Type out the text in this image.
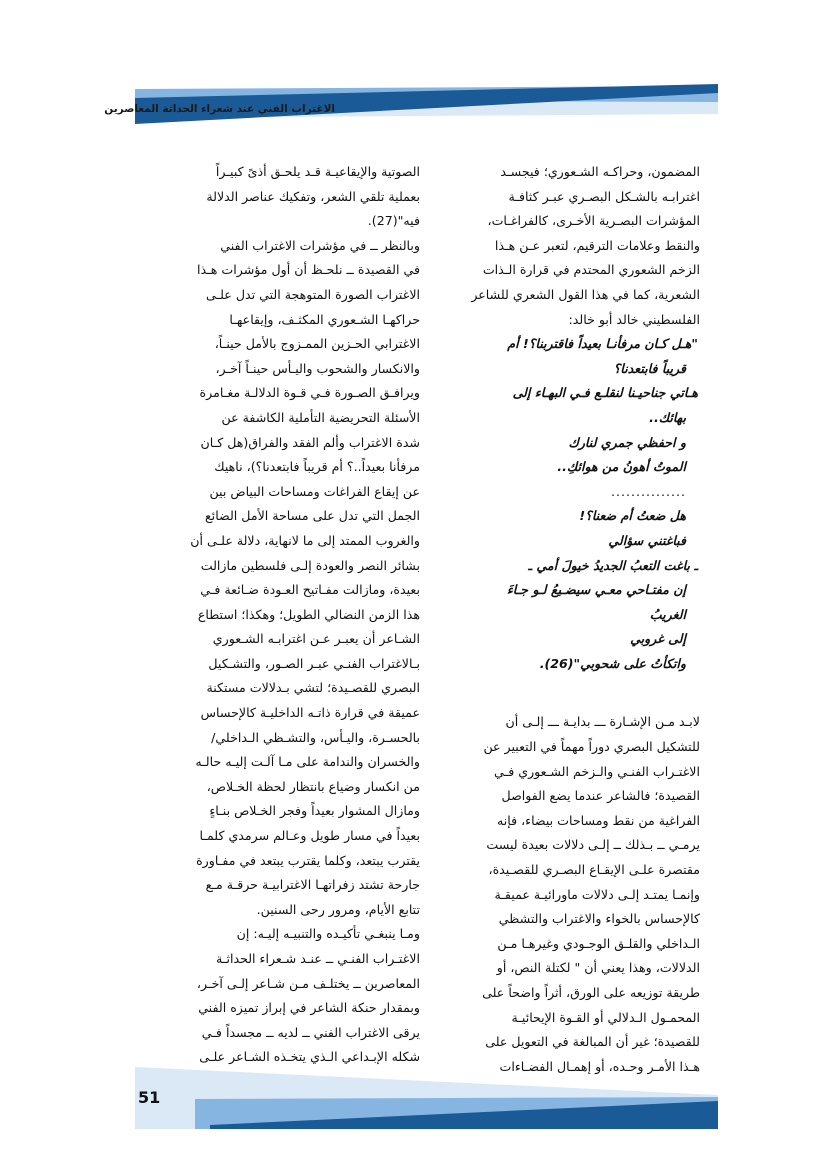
الاغتراب الفني عند شعراء الحداثة المعاصرين

المضمون، وحراكـه الشـعوري؛ فيجسـد

اغترابـه بالشـكل البصـري عبـر كثافـة

المؤشرات البصـرية الأخـرى، كالفراغـات،

والنقط وعلامات الترقيم، لتعبر عـن هـذا

الزخم الشعوري المحتدم في قرارة الـذات

الشعرية، كما في هذا القول الشعري للشاعر

الفلسطيني خالد أبو خالد:

"هـل كـان مرفأنـا بعيداً فاقتربنا؟! أم

قريباً فابتعدنا؟

هـاتي جناحيـنا لنقلـع فـي البهـاء إلى

بهائك..

و احفظي جمري لنارك

الموتُ أهونُ من هوائكِ..

...............

هل ضعتُ أم ضعنا؟!

فباغتني سؤالي

ـ باغت التعبُ الجديدُ خيولَ أمي ـ

إن مفتـاحي معـي سيضـيعُ لـو جـاءَ

الغريبُ

إلى غروبي

واتكأتُ على شحوبي"(26).

لابـد مـن الإشـارة ـــ بدايـة ـــ إلـى أن

للتشكيل البصري دوراً مهماً في التعبير عن

الاغتـراب الفنـي والـزخم الشـعوري فـي

القصيدة؛ فالشاعر عندما يضع الفواصل

الفراغية من نقط ومساحات بيضاء، فإنه

يرمـي ــ بـذلك ــ إلـى دلالات بعيدة ليست

مقتصرة علـى الإيقـاع البصـري للقصـيدة،

وإنمـا يمتـد إلـى دلالات ماورائيـة عميقـة

كالإحساس بالخواء والاغتراب والتشظي

الـداخلي والقلـق الوجـودي وغيرهـا مـن

الدلالات، وهذا يعني أن " لكتلة النص، أو

طريقة توزيعه على الورق، أثراً واضحاً على

المحمـول الـدلالي أو القـوة الإيحائيـة

للقصيدة؛ غير أن المبالغة في التعويل على

هـذا الأمـر وحـده، أو إهمـال الفضـاءات

الصوتية والإيقاعيـة قـد يلحـق أذىً كبيـراً

بعملية تلقي الشعر، وتفكيك عناصر الدلالة

فيه"(27).

وبالنظر ــ في مؤشرات الاغتراب الفني

في القصيدة ــ نلحـظ أن أول مؤشرات هـذا

الاغتراب الصورة المتوهجة التي تدل علـى

حراكهـا الشـعوري المكثـف، وإيقاعهـا

الاغترابي الحـزين الممـزوج بالأمل حينـاً،

والانكسار والشحوب واليـأس حينـاً آخـر،

ويرافـق الصـورة فـي قـوة الدلالـة مغـامرة

الأسئلة التحريضية التأملية الكاشفة عن

شدة الاغتراب وألم الفقد والفراق(هل كـان

مرفأنا بعيداً..؟ أم قريباً فابتعدنا؟)، ناهيك

عن إيقاع الفراغات ومساحات البياض بين

الجمل التي تدل على مساحة الأمل الضائع

والغروب الممتد إلى ما لانهاية، دلالة علـى أن

بشائر النصر والعودة إلـى فلسطين مازالت

بعيدة، ومازالت مفـاتيح العـودة ضـائعة فـي

هذا الزمن النضالي الطويل؛ وهكذا؛ استطاع

الشـاعر أن يعبـر عـن اغترابـه الشـعوري

بـالاغتراب الفنـي عبـر الصـور، والتشـكيل

البصري للقصـيدة؛ لتشي بـدلالات مستكنة

عميقة في قرارة ذاتـه الداخليـة كالإحساس

بالحسـرة، واليـأس، والتشـظي الـداخلي/

والخسران والندامة على مـا آلـت إليـه حالـه

من انكسار وضياع بانتظار لحظة الخـلاص،

ومازال المشوار بعيداً وفجر الخـلاص بنـاءٍ

بعيداً في مسار طويل وعـالم سرمدي كلمـا

يقترب يبتعد، وكلما يقترب يبتعد في مفـاورة

جارحة تشتد زفراتهـا الاغترابيـة حرقـة مـع

تتابع الأيام، ومرور رحى السنين.

ومـا ينبغـي تأكيـده والتنبيـه إليـه: إن

الاغتـراب الفنـي ــ عنـد شـعراء الحداثـة

المعاصرين ــ يختلـف مـن شـاعر إلـى آخـر،

وبمقدار حنكة الشاعر في إبراز تميزه الفني

يرقى الاغتراب الفني ــ لديه ــ مجسداً فـي

شكله الإبـداعي الـذي يتخـذه الشـاعر علـى

51
